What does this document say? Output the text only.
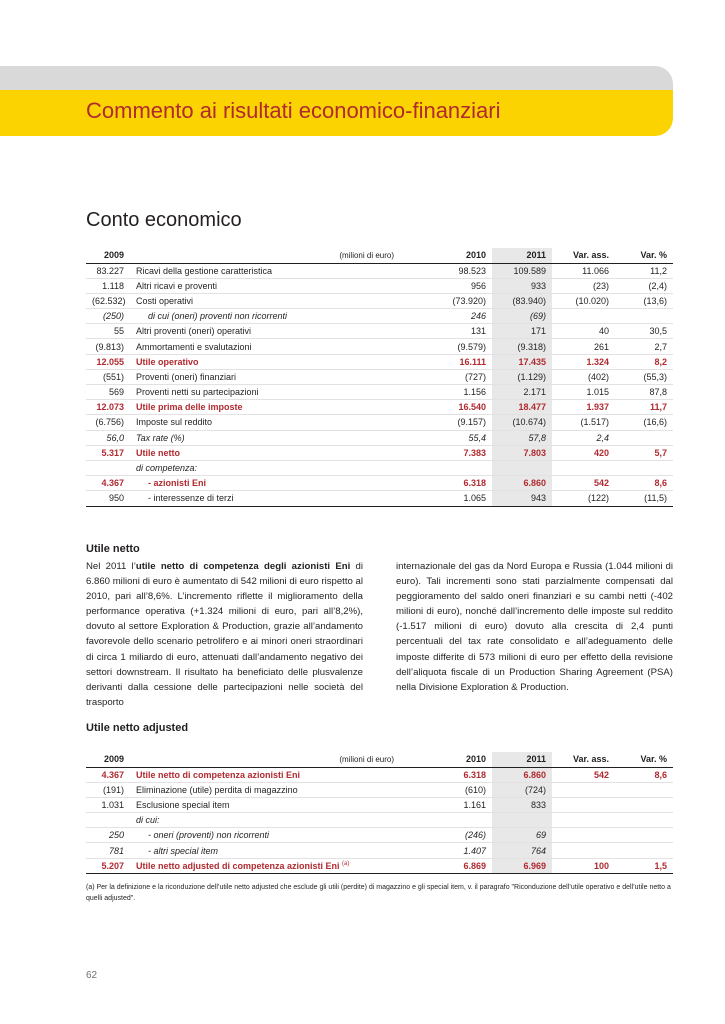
Commento ai risultati economico-finanziari
Conto economico
2009	(milioni di euro)	2010	2011	Var. ass.	Var. %
83.227	Ricavi della gestione caratteristica	98.523	109.589	11.066	11,2
1.118	Altri ricavi e proventi	956	933	(23)	(2,4)
(62.532)	Costi operativi	(73.920)	(83.940)	(10.020)	(13,6)
(250)	di cui (oneri) proventi non ricorrenti	246	(69)		
55	Altri proventi (oneri) operativi	131	171	40	30,5
(9.813)	Ammortamenti e svalutazioni	(9.579)	(9.318)	261	2,7
12.055	Utile operativo	16.111	17.435	1.324	8,2
(551)	Proventi (oneri) finanziari	(727)	(1.129)	(402)	(55,3)
569	Proventi netti su partecipazioni	1.156	2.171	1.015	87,8
12.073	Utile prima delle imposte	16.540	18.477	1.937	11,7
(6.756)	Imposte sul reddito	(9.157)	(10.674)	(1.517)	(16,6)
56,0	Tax rate (%)	55,4	57,8	2,4	
5.317	Utile netto	7.383	7.803	420	5,7
	di competenza:				
4.367	- azionisti Eni	6.318	6.860	542	8,6
950	- interessenze di terzi	1.065	943	(122)	(11,5)
Utile netto
Nel 2011 l’utile netto di competenza degli azionisti Eni di 6.860 milioni di euro è aumentato di 542 milioni di euro rispetto al 2010, pari all’8,6%. L’incremento riflette il miglioramento della performance operativa (+1.324 milioni di euro, pari all’8,2%), dovuto al settore Exploration & Production, grazie all’andamento favorevole dello scenario petrolifero e ai minori oneri straordinari di circa 1 miliardo di euro, attenuati dall’andamento negativo dei settori downstream. Il risultato ha beneficiato delle plusvalenze derivanti dalla cessione delle partecipazioni nelle società del trasporto
internazionale del gas da Nord Europa e Russia (1.044 milioni di euro). Tali incrementi sono stati parzialmente compensati dal peggioramento del saldo oneri finanziari e su cambi netti (-402 milioni di euro), nonché dall’incremento delle imposte sul reddito (-1.517 milioni di euro) dovuto alla crescita di 2,4 punti percentuali del tax rate consolidato e all’adeguamento delle imposte differite di 573 milioni di euro per effetto della revisione dell’aliquota fiscale di un Production Sharing Agreement (PSA) nella Divisione Exploration & Production.
Utile netto adjusted
2009	(milioni di euro)	2010	2011	Var. ass.	Var. %
4.367	Utile netto di competenza azionisti Eni	6.318	6.860	542	8,6
(191)	Eliminazione (utile) perdita di magazzino	(610)	(724)		
1.031	Esclusione special item	1.161	833		
	di cui:				
250	- oneri (proventi) non ricorrenti	(246)	69		
781	- altri special item	1.407	764		
5.207	Utile netto adjusted di competenza azionisti Eni $^{(a)}$	6.869	6.969	100	1,5
(a) Per la definizione e la riconduzione dell’utile netto adjusted che esclude gli utili (perdite) di magazzino e gli special item, v. il paragrafo "Riconduzione dell’utile operativo e dell’utile netto a quelli adjusted".
62
